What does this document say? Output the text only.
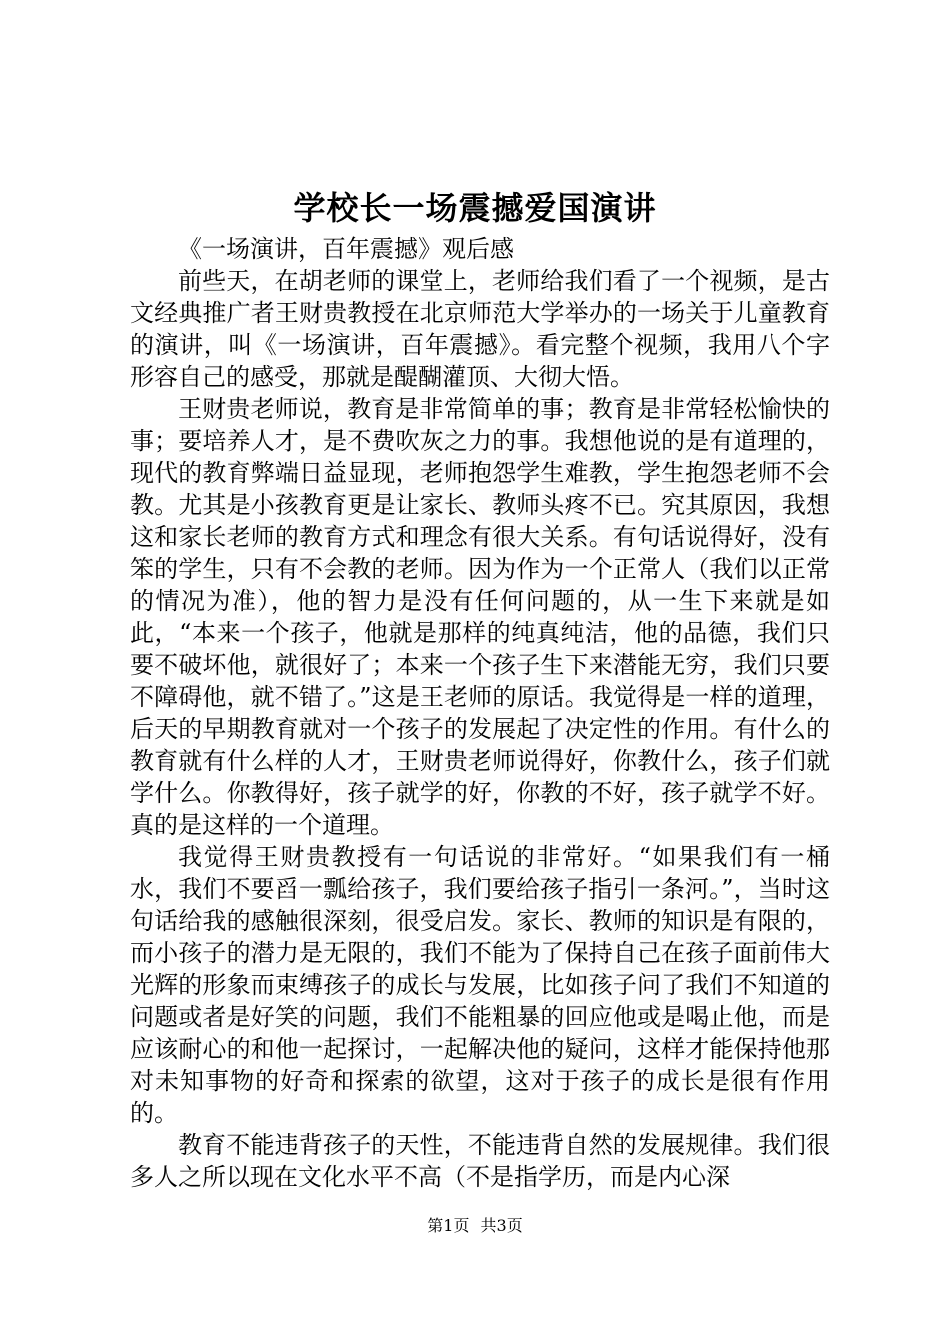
学校长一场震撼爱国演讲

《一场演讲，百年震撼》观后感

前些天，在胡老师的课堂上，老师给我们看了一个视频，是古文经典推广者王财贵教授在北京师范大学举办的一场关于儿童教育的演讲，叫《一场演讲，百年震撼》。看完整个视频，我用八个字形容自己的感受，那就是醍醐灌顶、大彻大悟。

王财贵老师说，教育是非常简单的事；教育是非常轻松愉快的事；要培养人才，是不费吹灰之力的事。我想他说的是有道理的，现代的教育弊端日益显现，老师抱怨学生难教，学生抱怨老师不会教。尤其是小孩教育更是让家长、教师头疼不已。究其原因，我想这和家长老师的教育方式和理念有很大关系。有句话说得好，没有笨的学生，只有不会教的老师。因为作为一个正常人（我们以正常的情况为准），他的智力是没有任何问题的，从一生下来就是如此，“本来一个孩子，他就是那样的纯真纯洁，他的品德，我们只要不破坏他，就很好了；本来一个孩子生下来潜能无穷，我们只要不障碍他，就不错了。”这是王老师的原话。我觉得是一样的道理，后天的早期教育就对一个孩子的发展起了决定性的作用。有什么的教育就有什么样的人才，王财贵老师说得好，你教什么，孩子们就学什么。你教得好，孩子就学的好，你教的不好，孩子就学不好。真的是这样的一个道理。

我觉得王财贵教授有一句话说的非常好。“如果我们有一桶水，我们不要舀一瓢给孩子，我们要给孩子指引一条河。”，当时这句话给我的感触很深刻，很受启发。家长、教师的知识是有限的，而小孩子的潜力是无限的，我们不能为了保持自己在孩子面前伟大光辉的形象而束缚孩子的成长与发展，比如孩子问了我们不知道的问题或者是好笑的问题，我们不能粗暴的回应他或是喝止他，而是应该耐心的和他一起探讨，一起解决他的疑问，这样才能保持他那对未知事物的好奇和探索的欲望，这对于孩子的成长是很有作用的。

教育不能违背孩子的天性，不能违背自然的发展规律。我们很多人之所以现在文化水平不高（不是指学历，而是内心深

第1页 共3页
